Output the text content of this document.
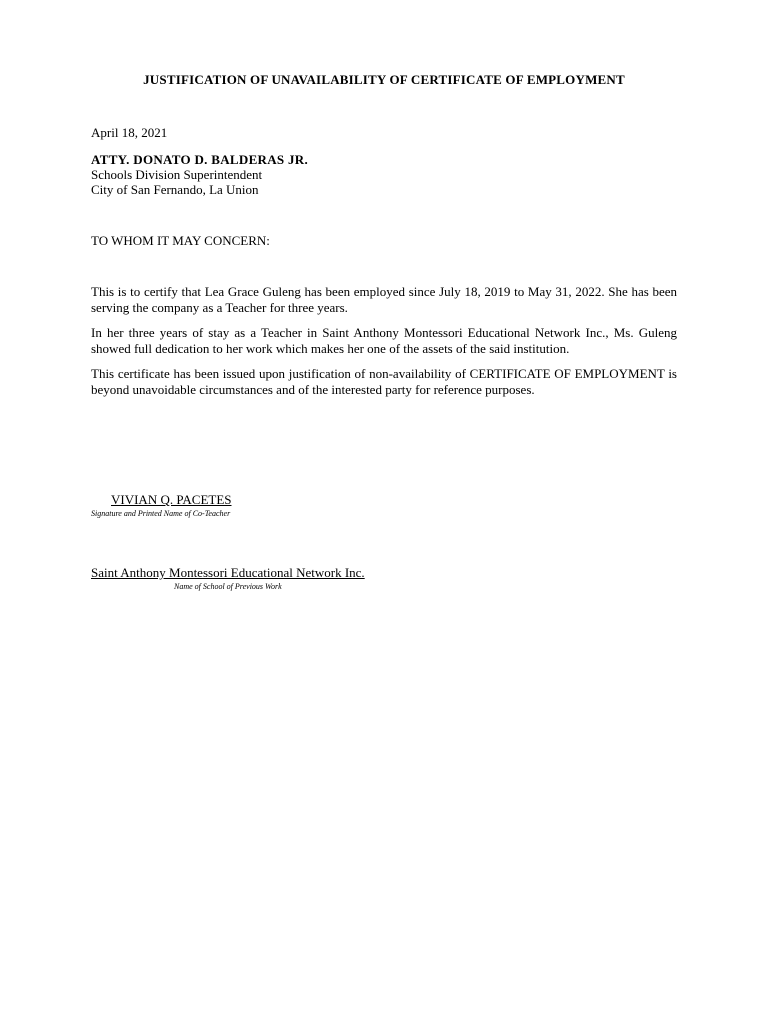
JUSTIFICATION OF UNAVAILABILITY OF CERTIFICATE OF EMPLOYMENT
April 18, 2021
ATTY. DONATO D. BALDERAS JR.
Schools Division Superintendent
City of San Fernando, La Union
TO WHOM IT MAY CONCERN:

This is to certify that Lea Grace Guleng has been employed since July 18, 2019 to May 31, 2022. She has been serving the company as a Teacher for three years.

In her three years of stay as a Teacher in Saint Anthony Montessori Educational Network Inc., Ms. Guleng showed full dedication to her work which makes her one of the assets of the said institution.

This certificate has been issued upon justification of non-availability of CERTIFICATE OF EMPLOYMENT is beyond unavoidable circumstances and of the interested party for reference purposes.

VIVIAN Q. PACETES
Signature and Printed Name of Co-Teacher
Saint Anthony Montessori Educational Network Inc.
Name of School of Previous Work
